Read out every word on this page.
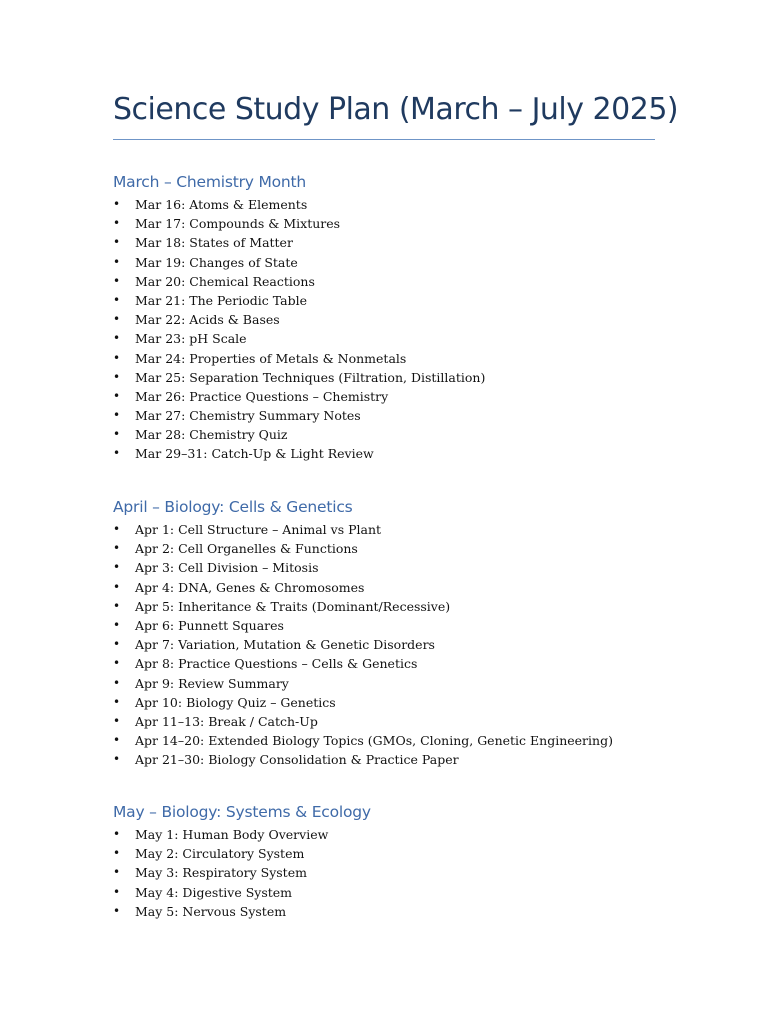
Science Study Plan (March – July 2025)
March – Chemistry Month
• Mar 16: Atoms & Elements
• Mar 17: Compounds & Mixtures
• Mar 18: States of Matter
• Mar 19: Changes of State
• Mar 20: Chemical Reactions
• Mar 21: The Periodic Table
• Mar 22: Acids & Bases
• Mar 23: pH Scale
• Mar 24: Properties of Metals & Nonmetals
• Mar 25: Separation Techniques (Filtration, Distillation)
• Mar 26: Practice Questions – Chemistry
• Mar 27: Chemistry Summary Notes
• Mar 28: Chemistry Quiz
• Mar 29–31: Catch-Up & Light Review
April – Biology: Cells & Genetics
• Apr 1: Cell Structure – Animal vs Plant
• Apr 2: Cell Organelles & Functions
• Apr 3: Cell Division – Mitosis
• Apr 4: DNA, Genes & Chromosomes
• Apr 5: Inheritance & Traits (Dominant/Recessive)
• Apr 6: Punnett Squares
• Apr 7: Variation, Mutation & Genetic Disorders
• Apr 8: Practice Questions – Cells & Genetics
• Apr 9: Review Summary
• Apr 10: Biology Quiz – Genetics
• Apr 11–13: Break / Catch-Up
• Apr 14–20: Extended Biology Topics (GMOs, Cloning, Genetic Engineering)
• Apr 21–30: Biology Consolidation & Practice Paper
May – Biology: Systems & Ecology
• May 1: Human Body Overview
• May 2: Circulatory System
• May 3: Respiratory System
• May 4: Digestive System
• May 5: Nervous System
